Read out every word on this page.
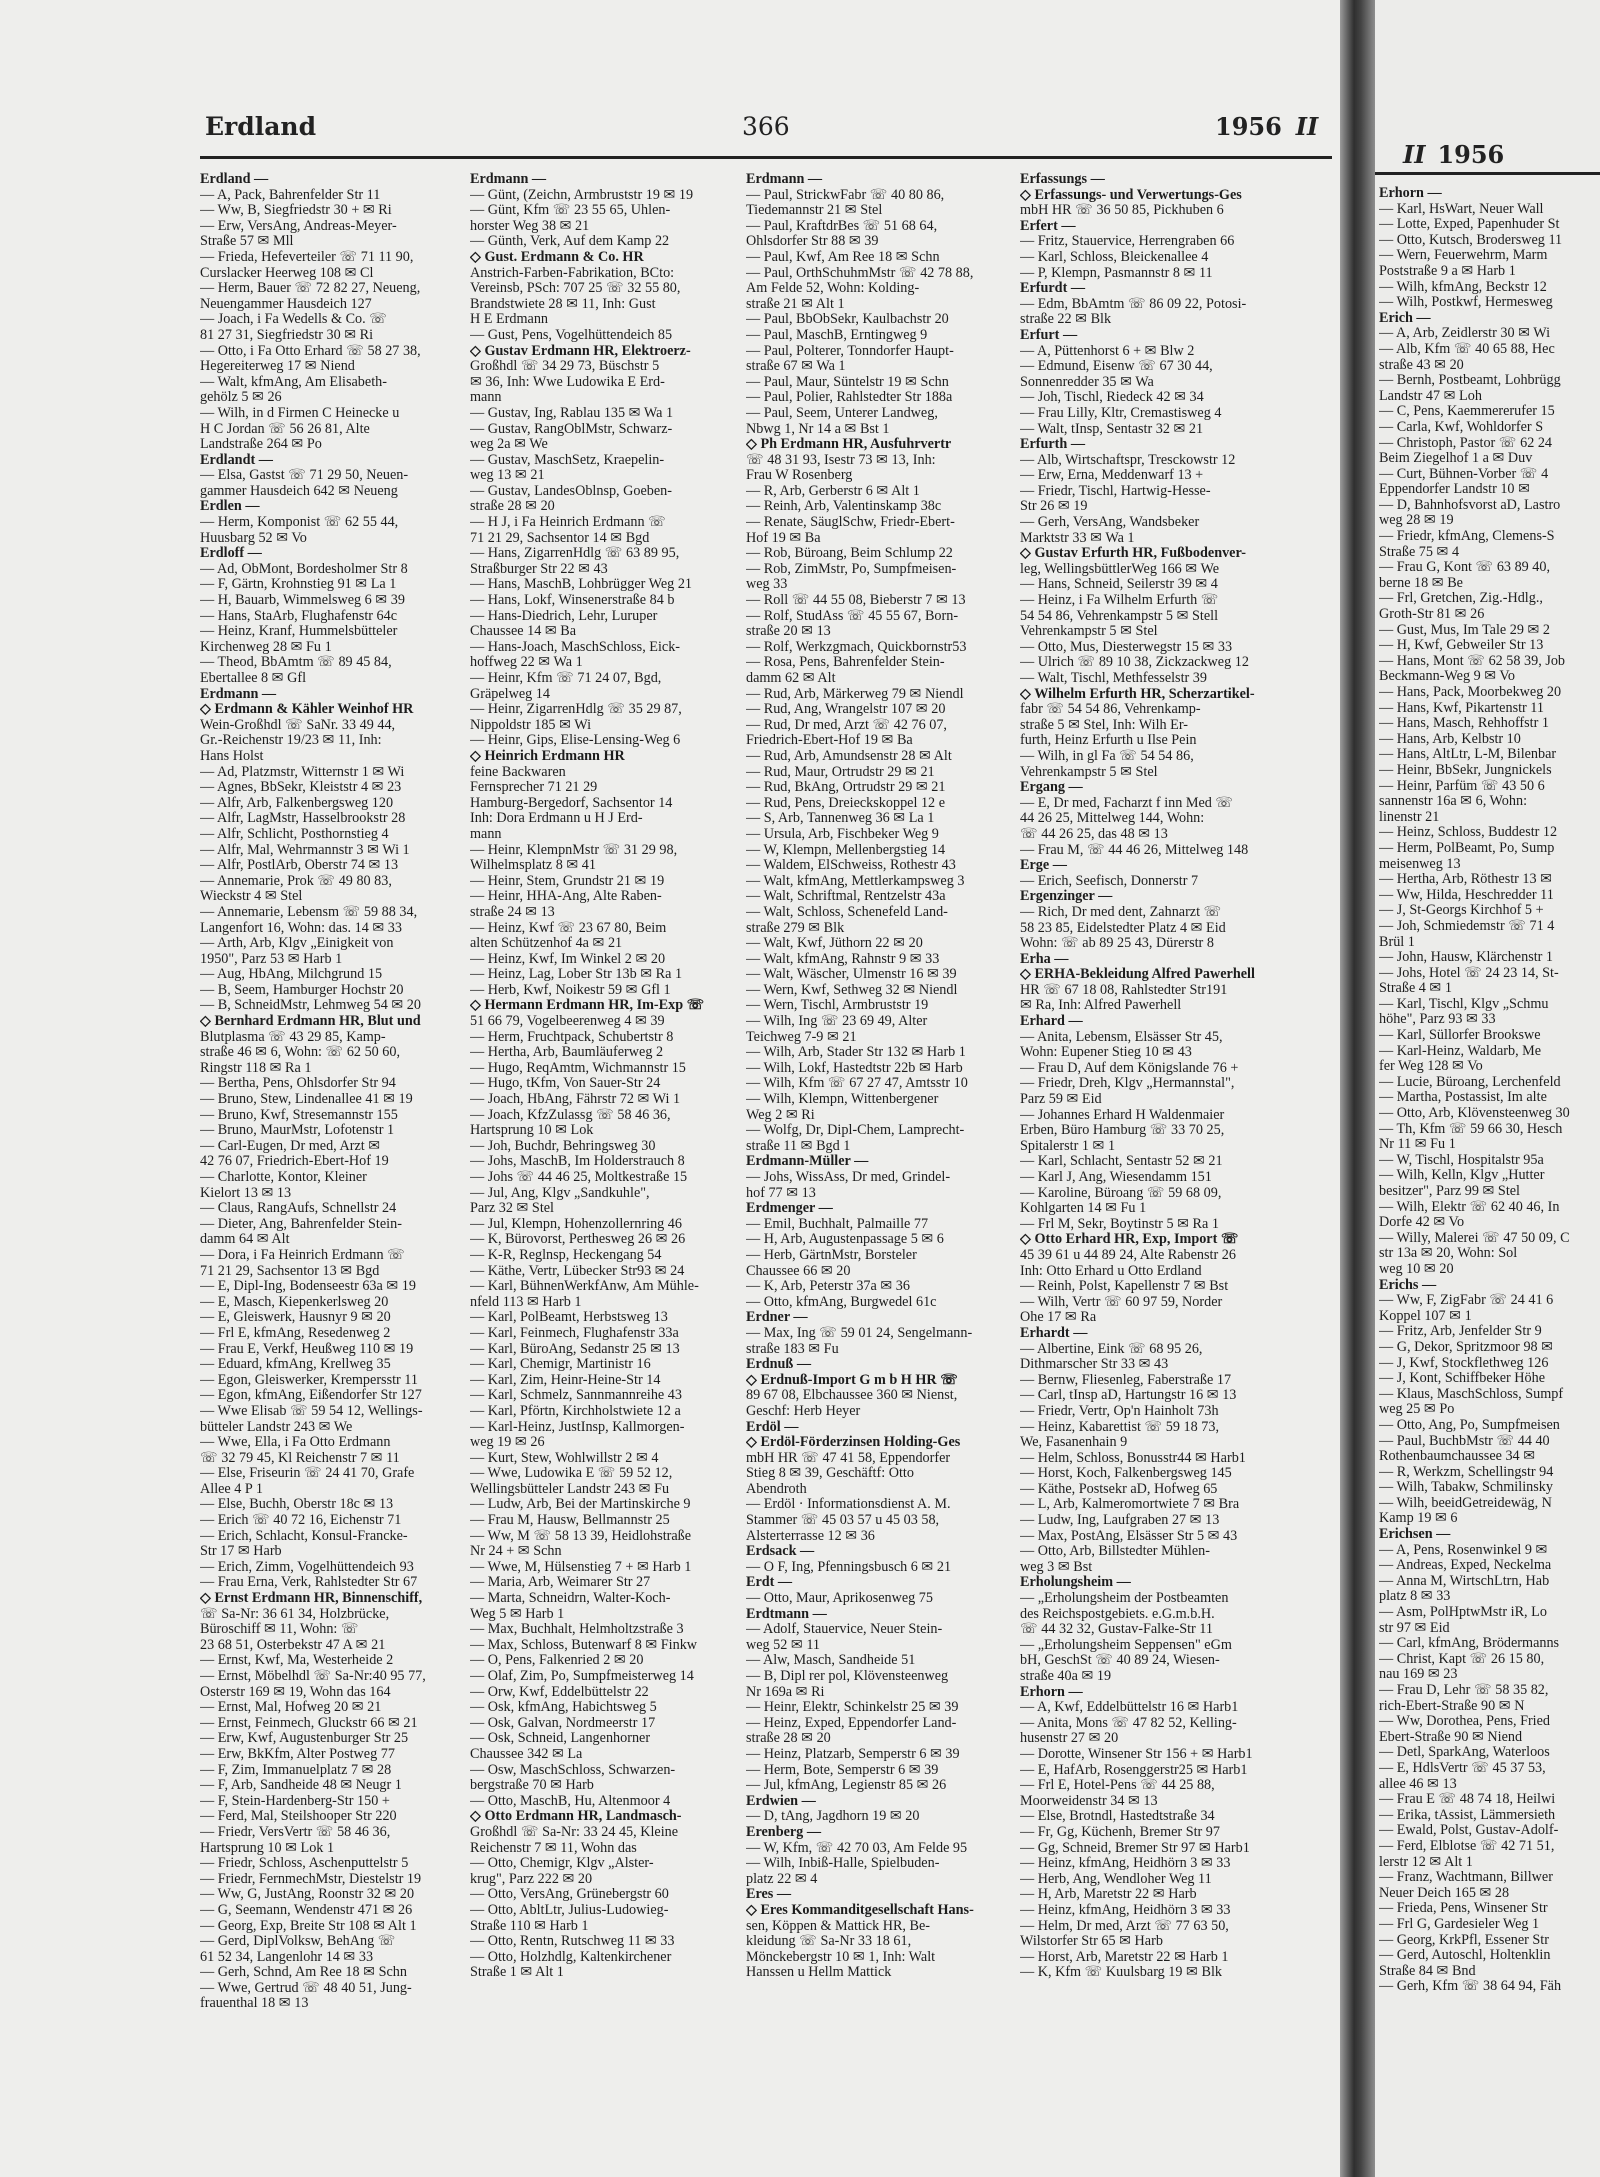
II 1956
Erhorn —
— Karl, HsWart, Neuer Wall
— Lotte, Exped, Papenhuder St
— Otto, Kutsch, Brodersweg 11
— Wern, Feuerwehrm, Marm
Poststraße 9 a ✉ Harb 1
— Wilh, kfmAng, Beckstr 12
— Wilh, Postkwf, Hermesweg
Erich —
— A, Arb, Zeidlerstr 30 ✉ Wi
— Alb, Kfm ☏ 40 65 88, Hec
straße 43 ✉ 20
— Bernh, Postbeamt, Lohbrügg
Landstr 47 ✉ Loh
— C, Pens, Kaemmererufer 15
— Carla, Kwf, Wohldorfer S
— Christoph, Pastor ☏ 62 24
Beim Ziegelhof 1 a ✉ Duv
— Curt, Bühnen-Vorber ☏ 4
Eppendorfer Landstr 10 ✉
— D, Bahnhofsvorst aD, Lastro
weg 28 ✉ 19
— Friedr, kfmAng, Clemens-S
Straße 75 ✉ 4
— Frau G, Kont ☏ 63 89 40,
berne 18 ✉ Be
— Frl, Gretchen, Zig.-Hdlg.,
Groth-Str 81 ✉ 26
— Gust, Mus, Im Tale 29 ✉ 2
— H, Kwf, Gebweiler Str 13
— Hans, Mont ☏ 62 58 39, Job
Beckmann-Weg 9 ✉ Vo
— Hans, Pack, Moorbekweg 20
— Hans, Kwf, Pikartenstr 11
— Hans, Masch, Rehhoffstr 1
— Hans, Arb, Kelbstr 10
— Hans, AltLtr, L-M, Bilenbar
— Heinr, BbSekr, Jungnickels
— Heinr, Parfüm ☏ 43 50 6
sannenstr 16a ✉ 6, Wohn:
linenstr 21
— Heinz, Schloss, Buddestr 12
— Herm, PolBeamt, Po, Sump
meisenweg 13
— Hertha, Arb, Röthestr 13 ✉
— Ww, Hilda, Heschredder 11
— J, St-Georgs Kirchhof 5 +
— Joh, Schmiedemstr ☏ 71 4
Brül 1
— John, Hausw, Klärchenstr 1
— Johs, Hotel ☏ 24 23 14, St-
Straße 4 ✉ 1
— Karl, Tischl, Klgv „Schmu
höhe", Parz 93 ✉ 33
— Karl, Süllorfer Brookswe
— Karl-Heinz, Waldarb, Me
fer Weg 128 ✉ Vo
— Lucie, Büroang, Lerchenfeld
— Martha, Postassist, Im alte
— Otto, Arb, Klövensteenweg 30
— Th, Kfm ☏ 59 66 30, Hesch
Nr 11 ✉ Fu 1
— W, Tischl, Hospitalstr 95a
— Wilh, Kelln, Klgv „Hutter
besitzer", Parz 99 ✉ Stel
— Wilh, Elektr ☏ 62 40 46, In
Dorfe 42 ✉ Vo
— Willy, Malerei ☏ 47 50 09, C
str 13a ✉ 20, Wohn: Sol
weg 10 ✉ 20
Erichs —
— Ww, F, ZigFabr ☏ 24 41 6
Koppel 107 ✉ 1
— Fritz, Arb, Jenfelder Str 9
— G, Dekor, Spritzmoor 98 ✉
— J, Kwf, Stockflethweg 126
— J, Kont, Schiffbeker Höhe
— Klaus, MaschSchloss, Sumpf
weg 25 ✉ Po
— Otto, Ang, Po, Sumpfmeisen
— Paul, BuchbMstr ☏ 44 40
Rothenbaumchaussee 34 ✉
— R, Werkzm, Schellingstr 94
— Wilh, Tabakw, Schmilinsky
— Wilh, beeidGetreidewäg, N
Kamp 19 ✉ 6
Erichsen —
— A, Pens, Rosenwinkel 9 ✉
— Andreas, Exped, Neckelma
— Anna M, WirtschLtrn, Hab
platz 8 ✉ 33
— Asm, PolHptwMstr iR, Lo
str 97 ✉ Eid
— Carl, kfmAng, Brödermanns
— Christ, Kapt ☏ 26 15 80,
nau 169 ✉ 23
— Frau D, Lehr ☏ 58 35 82,
rich-Ebert-Straße 90 ✉ N
— Ww, Dorothea, Pens, Fried
Ebert-Straße 90 ✉ Niend
— Detl, SparkAng, Waterloos
— E, HdlsVertr ☏ 45 37 53,
allee 46 ✉ 13
— Frau E ☏ 48 74 18, Heilwi
— Erika, tAssist, Lämmersieth
— Ewald, Polst, Gustav-Adolf-
— Ferd, Elblotse ☏ 42 71 51,
lerstr 12 ✉ Alt 1
— Franz, Wachtmann, Billwer
Neuer Deich 165 ✉ 28
— Frieda, Pens, Winsener Str
— Frl G, Gardesieler Weg 1
— Georg, KrkPfl, Essener Str
— Gerd, Autoschl, Holtenklin
Straße 84 ✉ Bnd
— Gerh, Kfm ☏ 38 64 94, Fäh
Erdland	366	1956 II
Erdland —
— A, Pack, Bahrenfelder Str 11
— Ww, B, Siegfriedstr 30 + ✉ Ri
— Erw, VersAng, Andreas-Meyer-
Straße 57 ✉ Mll
— Frieda, Hefeverteiler ☏ 71 11 90,
Curslacker Heerweg 108 ✉ Cl
— Herm, Bauer ☏ 72 82 27, Neueng,
Neuengammer Hausdeich 127
— Joach, i Fa Wedells & Co. ☏
81 27 31, Siegfriedstr 30 ✉ Ri
— Otto, i Fa Otto Erhard ☏ 58 27 38,
Hegereiterweg 17 ✉ Niend
— Walt, kfmAng, Am Elisabeth-
gehölz 5 ✉ 26
— Wilh, in d Firmen C Heinecke u
H C Jordan ☏ 56 26 81, Alte
Landstraße 264 ✉ Po
Erdlandt —
— Elsa, Gastst ☏ 71 29 50, Neuen-
gammer Hausdeich 642 ✉ Neueng
Erdlen —
— Herm, Komponist ☏ 62 55 44,
Huusbarg 52 ✉ Vo
Erdloff —
— Ad, ObMont, Bordesholmer Str 8
— F, Gärtn, Krohnstieg 91 ✉ La 1
— H, Bauarb, Wimmelsweg 6 ✉ 39
— Hans, StaArb, Flughafenstr 64c
— Heinz, Kranf, Hummelsbütteler
Kirchenweg 28 ✉ Fu 1
— Theod, BbAmtm ☏ 89 45 84,
Ebertallee 8 ✉ Gfl
Erdmann —
◇ Erdmann & Kähler Weinhof HR
Wein-Großhdl ☏ SaNr. 33 49 44,
Gr.-Reichenstr 19/23 ✉ 11, Inh:
Hans Holst
— Ad, Platzmstr, Witternstr 1 ✉ Wi
— Agnes, BbSekr, Kleiststr 4 ✉ 23
— Alfr, Arb, Falkenbergsweg 120
— Alfr, LagMstr, Hasselbrookstr 28
— Alfr, Schlicht, Posthornstieg 4
— Alfr, Mal, Wehrmannstr 3 ✉ Wi 1
— Alfr, PostlArb, Oberstr 74 ✉ 13
— Annemarie, Prok ☏ 49 80 83,
Wieckstr 4 ✉ Stel
— Annemarie, Lebensm ☏ 59 88 34,
Langenfort 16, Wohn: das. 14 ✉ 33
— Arth, Arb, Klgv „Einigkeit von
1950", Parz 53 ✉ Harb 1
— Aug, HbAng, Milchgrund 15
— B, Seem, Hamburger Hochstr 20
— B, SchneidMstr, Lehmweg 54 ✉ 20
◇ Bernhard Erdmann HR, Blut und
Blutplasma ☏ 43 29 85, Kamp-
straße 46 ✉ 6, Wohn: ☏ 62 50 60,
Ringstr 118 ✉ Ra 1
— Bertha, Pens, Ohlsdorfer Str 94
— Bruno, Stew, Lindenallee 41 ✉ 19
— Bruno, Kwf, Stresemannstr 155
— Bruno, MaurMstr, Lofotenstr 1
— Carl-Eugen, Dr med, Arzt ✉
42 76 07, Friedrich-Ebert-Hof 19
— Charlotte, Kontor, Kleiner
Kielort 13 ✉ 13
— Claus, RangAufs, Schnellstr 24
— Dieter, Ang, Bahrenfelder Stein-
damm 64 ✉ Alt
— Dora, i Fa Heinrich Erdmann ☏
71 21 29, Sachsentor 13 ✉ Bgd
— E, Dipl-Ing, Bodenseestr 63a ✉ 19
— E, Masch, Kiepenkerlsweg 20
— E, Gleiswerk, Hausnyr 9 ✉ 20
— Frl E, kfmAng, Resedenweg 2
— Frau E, Verkf, Heußweg 110 ✉ 19
— Eduard, kfmAng, Krellweg 35
— Egon, Gleiswerker, Krempersstr 11
— Egon, kfmAng, Eißendorfer Str 127
— Wwe Elisab ☏ 59 54 12, Wellings-
bütteler Landstr 243 ✉ We
— Wwe, Ella, i Fa Otto Erdmann
☏ 32 79 45, Kl Reichenstr 7 ✉ 11
— Else, Friseurin ☏ 24 41 70, Grafe
Allee 4 P 1
— Else, Buchh, Oberstr 18c ✉ 13
— Erich ☏ 40 72 16, Eichenstr 71
— Erich, Schlacht, Konsul-Francke-
Str 17 ✉ Harb
— Erich, Zimm, Vogelhüttendeich 93
— Frau Erna, Verk, Rahlstedter Str 67
◇ Ernst Erdmann HR, Binnenschiff,
☏ Sa-Nr: 36 61 34, Holzbrücke,
Büroschiff ✉ 11, Wohn: ☏
23 68 51, Osterbekstr 47 A ✉ 21
— Ernst, Kwf, Ma, Westerheide 2
— Ernst, Möbelhdl ☏ Sa-Nr:40 95 77,
Osterstr 169 ✉ 19, Wohn das 164
— Ernst, Mal, Hofweg 20 ✉ 21
— Ernst, Feinmech, Gluckstr 66 ✉ 21
— Erw, Kwf, Augustenburger Str 25
— Erw, BkKfm, Alter Postweg 77
— F, Zim, Immanuelplatz 7 ✉ 28
— F, Arb, Sandheide 48 ✉ Neugr 1
— F, Stein-Hardenberg-Str 150 +
— Ferd, Mal, Steilshooper Str 220
— Friedr, VersVertr ☏ 58 46 36,
Hartsprung 10 ✉ Lok 1
— Friedr, Schloss, Aschenputtelstr 5
— Friedr, FernmechMstr, Diestelstr 19
— Ww, G, JustAng, Roonstr 32 ✉ 20
— G, Seemann, Wendenstr 471 ✉ 26
— Georg, Exp, Breite Str 108 ✉ Alt 1
— Gerd, DiplVolksw, BehAng ☏
61 52 34, Langenlohr 14 ✉ 33
— Gerh, Schnd, Am Ree 18 ✉ Schn
— Wwe, Gertrud ☏ 48 40 51, Jung-
frauenthal 18 ✉ 13
Erdmann —
— Günt, (Zeichn, Armbruststr 19 ✉ 19
— Günt, Kfm ☏ 23 55 65, Uhlen-
horster Weg 38 ✉ 21
— Günth, Verk, Auf dem Kamp 22
◇ Gust. Erdmann & Co. HR
Anstrich-Farben-Fabrikation, BCto:
Vereinsb, PSch: 707 25 ☏ 32 55 80,
Brandstwiete 28 ✉ 11, Inh: Gust
H E Erdmann
— Gust, Pens, Vogelhüttendeich 85
◇ Gustav Erdmann HR, Elektroerz-
Großhdl ☏ 34 29 73, Büschstr 5
✉ 36, Inh: Wwe Ludowika E Erd-
mann
— Gustav, Ing, Rablau 135 ✉ Wa 1
— Gustav, RangOblMstr, Schwarz-
weg 2a ✉ We
— Gustav, MaschSetz, Kraepelin-
weg 13 ✉ 21
— Gustav, LandesOblnsp, Goeben-
straße 28 ✉ 20
— H J, i Fa Heinrich Erdmann ☏
71 21 29, Sachsentor 14 ✉ Bgd
— Hans, ZigarrenHdlg ☏ 63 89 95,
Straßburger Str 22 ✉ 43
— Hans, MaschB, Lohbrügger Weg 21
— Hans, Lokf, Winsenerstraße 84 b
— Hans-Diedrich, Lehr, Luruper
Chaussee 14 ✉ Ba
— Hans-Joach, MaschSchloss, Eick-
hoffweg 22 ✉ Wa 1
— Heinr, Kfm ☏ 71 24 07, Bgd,
Gräpelweg 14
— Heinr, ZigarrenHdlg ☏ 35 29 87,
Nippoldstr 185 ✉ Wi
— Heinr, Gips, Elise-Lensing-Weg 6
◇ Heinrich Erdmann HR
feine Backwaren
Fernsprecher 71 21 29
Hamburg-Bergedorf, Sachsentor 14
Inh: Dora Erdmann u H J Erd-
mann
— Heinr, KlempnMstr ☏ 31 29 98,
Wilhelmsplatz 8 ✉ 41
— Heinr, Stem, Grundstr 21 ✉ 19
— Heinr, HHA-Ang, Alte Raben-
straße 24 ✉ 13
— Heinz, Kwf ☏ 23 67 80, Beim
alten Schützenhof 4a ✉ 21
— Heinz, Kwf, Im Winkel 2 ✉ 20
— Heinz, Lag, Lober Str 13b ✉ Ra 1
— Herb, Kwf, Noikestr 59 ✉ Gfl 1
◇ Hermann Erdmann HR, Im-Exp ☏
51 66 79, Vogelbeerenweg 4 ✉ 39
— Herm, Fruchtpack, Schubertstr 8
— Hertha, Arb, Baumläuferweg 2
— Hugo, ReqAmtm, Wichmannstr 15
— Hugo, tKfm, Von Sauer-Str 24
— Joach, HbAng, Fährstr 72 ✉ Wi 1
— Joach, KfzZulassg ☏ 58 46 36,
Hartsprung 10 ✉ Lok
— Joh, Buchdr, Behringsweg 30
— Johs, MaschB, Im Holderstrauch 8
— Johs ☏ 44 46 25, Moltkestraße 15
— Jul, Ang, Klgv „Sandkuhle",
Parz 32 ✉ Stel
— Jul, Klempn, Hohenzollernring 46
— K, Bürovorst, Perthesweg 26 ✉ 26
— K-R, Reglnsp, Heckengang 54
— Käthe, Vertr, Lübecker Str93 ✉ 24
— Karl, BühnenWerkfAnw, Am Mühle-
nfeld 113 ✉ Harb 1
— Karl, PolBeamt, Herbstsweg 13
— Karl, Feinmech, Flughafenstr 33a
— Karl, BüroAng, Sedanstr 25 ✉ 13
— Karl, Chemigr, Martinistr 16
— Karl, Zim, Heinr-Heine-Str 14
— Karl, Schmelz, Sannmannreihe 43
— Karl, Pförtn, Kirchholstwiete 12 a
— Karl-Heinz, JustInsp, Kallmorgen-
weg 19 ✉ 26
— Kurt, Stew, Wohlwillstr 2 ✉ 4
— Wwe, Ludowika E ☏ 59 52 12,
Wellingsbütteler Landstr 243 ✉ Fu
— Ludw, Arb, Bei der Martinskirche 9
— Frau M, Hausw, Bellmannstr 25
— Ww, M ☏ 58 13 39, Heidlohstraße
Nr 24 + ✉ Schn
— Wwe, M, Hülsenstieg 7 + ✉ Harb 1
— Maria, Arb, Weimarer Str 27
— Marta, Schneidrn, Walter-Koch-
Weg 5 ✉ Harb 1
— Max, Buchhalt, Helmholtzstraße 3
— Max, Schloss, Butenwarf 8 ✉ Finkw
— O, Pens, Falkenried 2 ✉ 20
— Olaf, Zim, Po, Sumpfmeisterweg 14
— Orw, Kwf, Eddelbüttelstr 22
— Osk, kfmAng, Habichtsweg 5
— Osk, Galvan, Nordmeerstr 17
— Osk, Schneid, Langenhorner
Chaussee 342 ✉ La
— Osw, MaschSchloss, Schwarzen-
bergstraße 70 ✉ Harb
— Otto, MaschB, Hu, Altenmoor 4
◇ Otto Erdmann HR, Landmasch-
Großhdl ☏ Sa-Nr: 33 24 45, Kleine
Reichenstr 7 ✉ 11, Wohn das
— Otto, Chemigr, Klgv „Alster-
krug", Parz 222 ✉ 20
— Otto, VersAng, Grünebergstr 60
— Otto, AbltLtr, Julius-Ludowieg-
Straße 110 ✉ Harb 1
— Otto, Rentn, Rutschweg 11 ✉ 33
— Otto, Holzhdlg, Kaltenkirchener
Straße 1 ✉ Alt 1
Erdmann —
— Paul, StrickwFabr ☏ 40 80 86,
Tiedemannstr 21 ✉ Stel
— Paul, KraftdrBes ☏ 51 68 64,
Ohlsdorfer Str 88 ✉ 39
— Paul, Kwf, Am Ree 18 ✉ Schn
— Paul, OrthSchuhmMstr ☏ 42 78 88,
Am Felde 52, Wohn: Kolding-
straße 21 ✉ Alt 1
— Paul, BbObSekr, Kaulbachstr 20
— Paul, MaschB, Erntingweg 9
— Paul, Polterer, Tonndorfer Haupt-
straße 67 ✉ Wa 1
— Paul, Maur, Süntelstr 19 ✉ Schn
— Paul, Polier, Rahlstedter Str 188a
— Paul, Seem, Unterer Landweg,
Nbwg 1, Nr 14 a ✉ Bst 1
◇ Ph Erdmann HR, Ausfuhrvertr
☏ 48 31 93, Isestr 73 ✉ 13, Inh:
Frau W Rosenberg
— R, Arb, Gerberstr 6 ✉ Alt 1
— Reinh, Arb, Valentinskamp 38c
— Renate, SäuglSchw, Friedr-Ebert-
Hof 19 ✉ Ba
— Rob, Büroang, Beim Schlump 22
— Rob, ZimMstr, Po, Sumpfmeisen-
weg 33
— Roll ☏ 44 55 08, Bieberstr 7 ✉ 13
— Rolf, StudAss ☏ 45 55 67, Born-
straße 20 ✉ 13
— Rolf, Werkzgmach, Quickbornstr53
— Rosa, Pens, Bahrenfelder Stein-
damm 62 ✉ Alt
— Rud, Arb, Märkerweg 79 ✉ Niendl
— Rud, Ang, Wrangelstr 107 ✉ 20
— Rud, Dr med, Arzt ☏ 42 76 07,
Friedrich-Ebert-Hof 19 ✉ Ba
— Rud, Arb, Amundsenstr 28 ✉ Alt
— Rud, Maur, Ortrudstr 29 ✉ 21
— Rud, BkAng, Ortrudstr 29 ✉ 21
— Rud, Pens, Dreieckskoppel 12 e
— S, Arb, Tannenweg 36 ✉ La 1
— Ursula, Arb, Fischbeker Weg 9
— W, Klempn, Mellenbergstieg 14
— Waldem, ElSchweiss, Rothestr 43
— Walt, kfmAng, Mettlerkampsweg 3
— Walt, Schriftmal, Rentzelstr 43a
— Walt, Schloss, Schenefeld Land-
straße 279 ✉ Blk
— Walt, Kwf, Jüthorn 22 ✉ 20
— Walt, kfmAng, Rahnstr 9 ✉ 33
— Walt, Wäscher, Ulmenstr 16 ✉ 39
— Wern, Kwf, Sethweg 32 ✉ Niendl
— Wern, Tischl, Armbruststr 19
— Wilh, Ing ☏ 23 69 49, Alter
Teichweg 7-9 ✉ 21
— Wilh, Arb, Stader Str 132 ✉ Harb 1
— Wilh, Lokf, Hastedtstr 22b ✉ Harb
— Wilh, Kfm ☏ 67 27 47, Amtsstr 10
— Wilh, Klempn, Wittenbergener
Weg 2 ✉ Ri
— Wolfg, Dr, Dipl-Chem, Lamprecht-
straße 11 ✉ Bgd 1
Erdmann-Müller —
— Johs, WissAss, Dr med, Grindel-
hof 77 ✉ 13
Erdmenger —
— Emil, Buchhalt, Palmaille 77
— H, Arb, Augustenpassage 5 ✉ 6
— Herb, GärtnMstr, Borsteler
Chaussee 66 ✉ 20
— K, Arb, Peterstr 37a ✉ 36
— Otto, kfmAng, Burgwedel 61c
Erdner —
— Max, Ing ☏ 59 01 24, Sengelmann-
straße 183 ✉ Fu
Erdnuß —
◇ Erdnuß-Import G m b H HR ☏
89 67 08, Elbchaussee 360 ✉ Nienst,
Geschf: Herb Heyer
Erdöl —
◇ Erdöl-Förderzinsen Holding-Ges
mbH HR ☏ 47 41 58, Eppendorfer
Stieg 8 ✉ 39, Geschäftf: Otto
Abendroth
— Erdöl · Informationsdienst A. M.
Stammer ☏ 45 03 57 u 45 03 58,
Alsterterrasse 12 ✉ 36
Erdsack —
— O F, Ing, Pfenningsbusch 6 ✉ 21
Erdt —
— Otto, Maur, Aprikosenweg 75
Erdtmann —
— Adolf, Stauervice, Neuer Stein-
weg 52 ✉ 11
— Alw, Masch, Sandheide 51
— B, Dipl rer pol, Klövensteenweg
Nr 169a ✉ Ri
— Heinr, Elektr, Schinkelstr 25 ✉ 39
— Heinz, Exped, Eppendorfer Land-
straße 28 ✉ 20
— Heinz, Platzarb, Semperstr 6 ✉ 39
— Herm, Bote, Semperstr 6 ✉ 39
— Jul, kfmAng, Legienstr 85 ✉ 26
Erdwien —
— D, tAng, Jagdhorn 19 ✉ 20
Erenberg —
— W, Kfm, ☏ 42 70 03, Am Felde 95
— Wilh, Inbiß-Halle, Spielbuden-
platz 22 ✉ 4
Eres —
◇ Eres Kommanditgesellschaft Hans-
sen, Köppen & Mattick HR, Be-
kleidung ☏ Sa-Nr 33 18 61,
Mönckebergstr 10 ✉ 1, Inh: Walt
Hanssen u Hellm Mattick
Erfassungs —
◇ Erfassungs- und Verwertungs-Ges
mbH HR ☏ 36 50 85, Pickhuben 6
Erfert —
— Fritz, Stauervice, Herrengraben 66
— Karl, Schloss, Bleickenallee 4
— P, Klempn, Pasmannstr 8 ✉ 11
Erfurdt —
— Edm, BbAmtm ☏ 86 09 22, Potosi-
straße 22 ✉ Blk
Erfurt —
— A, Püttenhorst 6 + ✉ Blw 2
— Edmund, Eisenw ☏ 67 30 44,
Sonnenredder 35 ✉ Wa
— Joh, Tischl, Riedeck 42 ✉ 34
— Frau Lilly, Kltr, Cremastisweg 4
— Walt, tInsp, Sentastr 32 ✉ 21
Erfurth —
— Alb, Wirtschaftspr, Tresckowstr 12
— Erw, Erna, Meddenwarf 13 +
— Friedr, Tischl, Hartwig-Hesse-
Str 26 ✉ 19
— Gerh, VersAng, Wandsbeker
Marktstr 33 ✉ Wa 1
◇ Gustav Erfurth HR, Fußbodenver-
leg, WellingsbüttlerWeg 166 ✉ We
— Hans, Schneid, Seilerstr 39 ✉ 4
— Heinz, i Fa Wilhelm Erfurth ☏
54 54 86, Vehrenkampstr 5 ✉ Stell
Vehrenkampstr 5 ✉ Stel
— Otto, Mus, Diesterwegstr 15 ✉ 33
— Ulrich ☏ 89 10 38, Zickzackweg 12
— Walt, Tischl, Methfesselstr 39
◇ Wilhelm Erfurth HR, Scherzartikel-
fabr ☏ 54 54 86, Vehrenkamp-
straße 5 ✉ Stel, Inh: Wilh Er-
furth, Heinz Erfurth u Ilse Pein
— Wilh, in gl Fa ☏ 54 54 86,
Vehrenkampstr 5 ✉ Stel
Ergang —
— E, Dr med, Facharzt f inn Med ☏
44 26 25, Mittelweg 144, Wohn:
☏ 44 26 25, das 48 ✉ 13
— Frau M, ☏ 44 46 26, Mittelweg 148
Erge —
— Erich, Seefisch, Donnerstr 7
Ergenzinger —
— Rich, Dr med dent, Zahnarzt ☏
58 23 85, Eidelstedter Platz 4 ✉ Eid
Wohn: ☏ ab 89 25 43, Dürerstr 8
Erha —
◇ ERHA-Bekleidung Alfred Pawerhell
HR ☏ 67 18 08, Rahlstedter Str191
✉ Ra, Inh: Alfred Pawerhell
Erhard —
— Anita, Lebensm, Elsässer Str 45,
Wohn: Eupener Stieg 10 ✉ 43
— Frau D, Auf dem Königslande 76 +
— Friedr, Dreh, Klgv „Hermannstal",
Parz 59 ✉ Eid
— Johannes Erhard H Waldenmaier
Erben, Büro Hamburg ☏ 33 70 25,
Spitalerstr 1 ✉ 1
— Karl, Schlacht, Sentastr 52 ✉ 21
— Karl J, Ang, Wiesendamm 151
— Karoline, Büroang ☏ 59 68 09,
Kohlgarten 14 ✉ Fu 1
— Frl M, Sekr, Boytinstr 5 ✉ Ra 1
◇ Otto Erhard HR, Exp, Import ☏
45 39 61 u 44 89 24, Alte Rabenstr 26
Inh: Otto Erhard u Otto Erdland
— Reinh, Polst, Kapellenstr 7 ✉ Bst
— Wilh, Vertr ☏ 60 97 59, Norder
Ohe 17 ✉ Ra
Erhardt —
— Albertine, Eink ☏ 68 95 26,
Dithmarscher Str 33 ✉ 43
— Bernw, Fliesenleg, Faberstraße 17
— Carl, tInsp aD, Hartungstr 16 ✉ 13
— Friedr, Vertr, Op'n Hainholt 73h
— Heinz, Kabarettist ☏ 59 18 73,
We, Fasanenhain 9
— Helm, Schloss, Bonusstr44 ✉ Harb1
— Horst, Koch, Falkenbergsweg 145
— Käthe, Postsekr aD, Hofweg 65
— L, Arb, Kalmeromortwiete 7 ✉ Bra
— Ludw, Ing, Laufgraben 27 ✉ 13
— Max, PostAng, Elsässer Str 5 ✉ 43
— Otto, Arb, Billstedter Mühlen-
weg 3 ✉ Bst
Erholungsheim —
— „Erholungsheim der Postbeamten
des Reichspostgebiets. e.G.m.b.H.
☏ 44 32 32, Gustav-Falke-Str 11
— „Erholungsheim Seppensen" eGm
bH, GeschSt ☏ 40 89 24, Wiesen-
straße 40a ✉ 19
Erhorn —
— A, Kwf, Eddelbüttelstr 16 ✉ Harb1
— Anita, Mons ☏ 47 82 52, Kelling-
husenstr 27 ✉ 20
— Dorotte, Winsener Str 156 + ✉ Harb1
— E, HafArb, Rosenggerstr25 ✉ Harb1
— Frl E, Hotel-Pens ☏ 44 25 88,
Moorweidenstr 34 ✉ 13
— Else, Brotndl, Hastedtstraße 34
— Fr, Gg, Küchenh, Bremer Str 97
— Gg, Schneid, Bremer Str 97 ✉ Harb1
— Heinz, kfmAng, Heidhörn 3 ✉ 33
— Herb, Ang, Wendloher Weg 11
— H, Arb, Maretstr 22 ✉ Harb
— Heinz, kfmAng, Heidhörn 3 ✉ 33
— Helm, Dr med, Arzt ☏ 77 63 50,
Wilstorfer Str 65 ✉ Harb
— Horst, Arb, Maretstr 22 ✉ Harb 1
— K, Kfm ☏ Kuulsbarg 19 ✉ Blk
